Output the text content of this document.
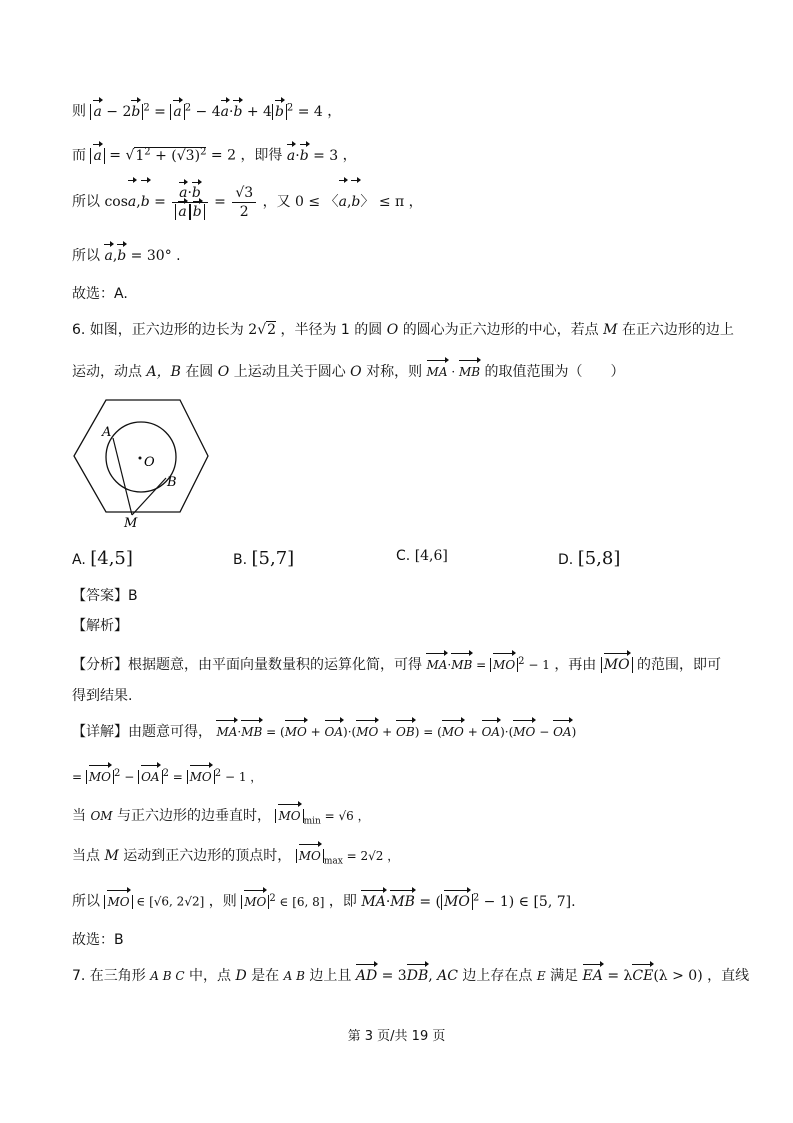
则 a − 2b $^2$ = a $^2$ − 4a·b + 4 b $^2$ = 4 ，
而 $a = √1^2 + (√3)^2 = 2$ ，即得 a·b = 3 ，
所以 $\cos a,b = \frac{a\cdot b}{\text{a b}} = \frac{√3}{2}$ ，又 0 ≤ 〈a,b〉 ≤ π ，
所以 a,b = 30° .
故选：A.
6. 如图，正六边形的边长为 2√2 ，半径为 1 的圆 O 的圆心为正六边形的中心，若点 M 在正六边形的边上
运动，动点 A，B 在圆 O 上运动且关于圆心 O 对称，则 MA · MB 的取值范围为（　　）
A
O
B
M
A. [4,5]	B. [5,7]	C. [4,6]	D. [5,8]
【答案】B
【解析】
【分析】根据题意，由平面向量数量积的运算化简，可得 MA·MB = MO $^2$ − 1 ，再由 MO 的范围，即可
得到结果.
【详解】由题意可得， MA·MB = (MO + OA)·(MO + OB) = (MO + OA)·(MO − OA)
= MO $^2$ − OA $^2$ = MO $^2$ − 1 ，
当 OM 与正六边形的边垂直时， MO $_{min}$ = √6 ，
当点 M 运动到正六边形的顶点时， MO $_{max}$ = 2√2 ，
所以 MO ∈ [√6, 2√2] ，则 MO $^2$ ∈ [6, 8] ，即 MA·MB = ( MO $^2$ − 1) ∈ [5, 7].
故选：B
7. 在三角形 A B C 中，点 D 是在 A B 边上且 AD = 3DB, AC 边上存在点 E 满足 EA = λCE(λ > 0) ，直线
第 3 页/共 19 页
